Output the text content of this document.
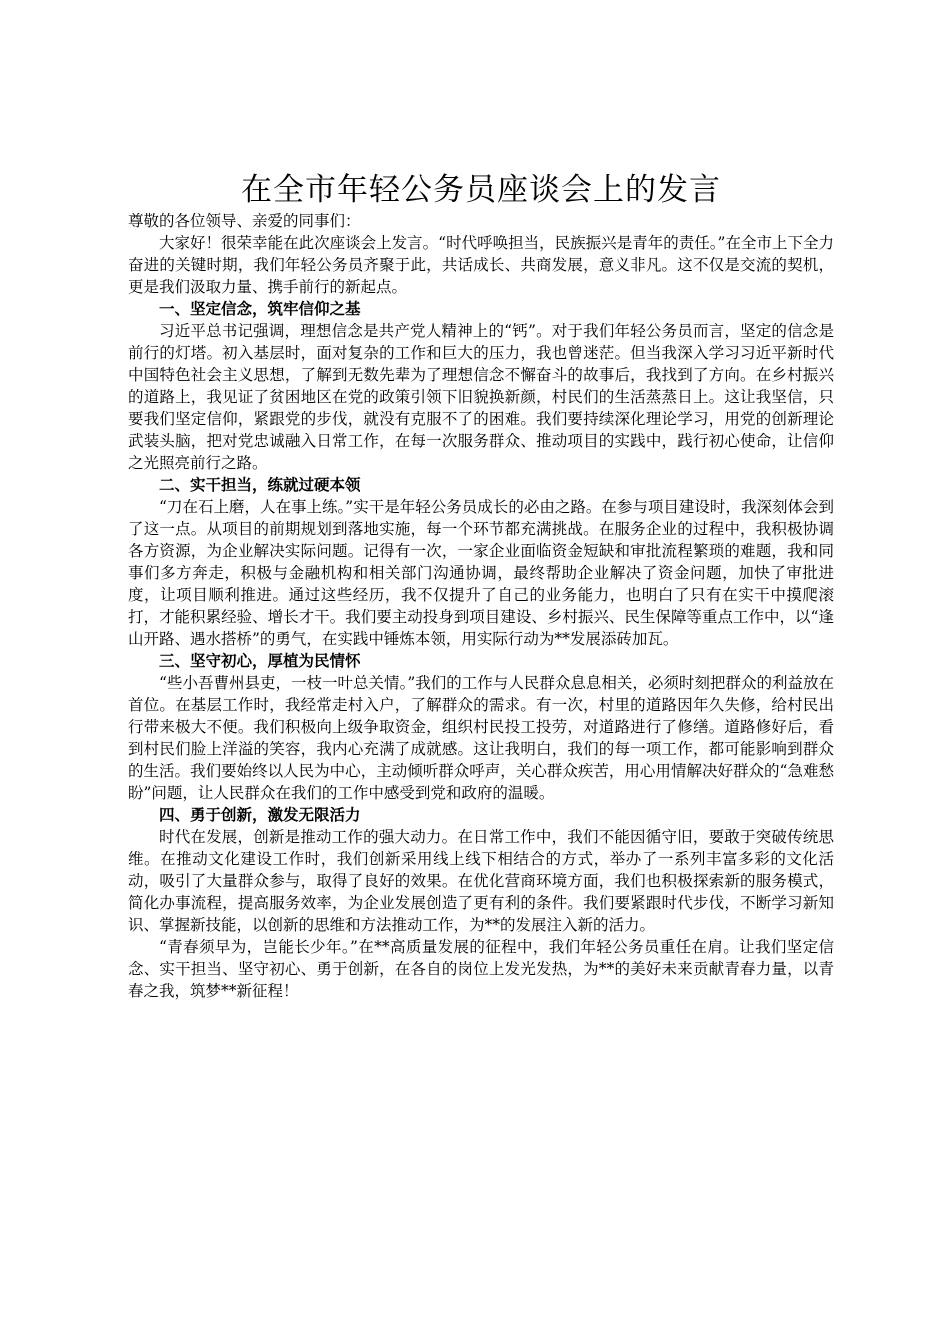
在全市年轻公务员座谈会上的发言

尊敬的各位领导、亲爱的同事们：

大家好！很荣幸能在此次座谈会上发言。“时代呼唤担当，民族振兴是青年的责任。”在全市上下全力奋进的关键时期，我们年轻公务员齐聚于此，共话成长、共商发展，意义非凡。这不仅是交流的契机，更是我们汲取力量、携手前行的新起点。

一、坚定信念，筑牢信仰之基

习近平总书记强调，理想信念是共产党人精神上的“钙”。对于我们年轻公务员而言，坚定的信念是前行的灯塔。初入基层时，面对复杂的工作和巨大的压力，我也曾迷茫。但当我深入学习习近平新时代中国特色社会主义思想，了解到无数先辈为了理想信念不懈奋斗的故事后，我找到了方向。在乡村振兴的道路上，我见证了贫困地区在党的政策引领下旧貌换新颜，村民们的生活蒸蒸日上。这让我坚信，只要我们坚定信仰，紧跟党的步伐，就没有克服不了的困难。我们要持续深化理论学习，用党的创新理论武装头脑，把对党忠诚融入日常工作，在每一次服务群众、推动项目的实践中，践行初心使命，让信仰之光照亮前行之路。

二、实干担当，练就过硬本领

“刀在石上磨，人在事上练。”实干是年轻公务员成长的必由之路。在参与项目建设时，我深刻体会到了这一点。从项目的前期规划到落地实施，每一个环节都充满挑战。在服务企业的过程中，我积极协调各方资源，为企业解决实际问题。记得有一次，一家企业面临资金短缺和审批流程繁琐的难题，我和同事们多方奔走，积极与金融机构和相关部门沟通协调，最终帮助企业解决了资金问题，加快了审批进度，让项目顺利推进。通过这些经历，我不仅提升了自己的业务能力，也明白了只有在实干中摸爬滚打，才能积累经验、增长才干。我们要主动投身到项目建设、乡村振兴、民生保障等重点工作中，以“逢山开路、遇水搭桥”的勇气，在实践中锤炼本领，用实际行动为**发展添砖加瓦。

三、坚守初心，厚植为民情怀

“些小吾曹州县吏，一枝一叶总关情。”我们的工作与人民群众息息相关，必须时刻把群众的利益放在首位。在基层工作时，我经常走村入户，了解群众的需求。有一次，村里的道路因年久失修，给村民出行带来极大不便。我们积极向上级争取资金，组织村民投工投劳，对道路进行了修缮。道路修好后，看到村民们脸上洋溢的笑容，我内心充满了成就感。这让我明白，我们的每一项工作，都可能影响到群众的生活。我们要始终以人民为中心，主动倾听群众呼声，关心群众疾苦，用心用情解决好群众的“急难愁盼”问题，让人民群众在我们的工作中感受到党和政府的温暖。

四、勇于创新，激发无限活力

时代在发展，创新是推动工作的强大动力。在日常工作中，我们不能因循守旧，要敢于突破传统思维。在推动文化建设工作时，我们创新采用线上线下相结合的方式，举办了一系列丰富多彩的文化活动，吸引了大量群众参与，取得了良好的效果。在优化营商环境方面，我们也积极探索新的服务模式，简化办事流程，提高服务效率，为企业发展创造了更有利的条件。我们要紧跟时代步伐，不断学习新知识、掌握新技能，以创新的思维和方法推动工作，为**的发展注入新的活力。

“青春须早为，岂能长少年。”在**高质量发展的征程中，我们年轻公务员重任在肩。让我们坚定信念、实干担当、坚守初心、勇于创新，在各自的岗位上发光发热，为**的美好未来贡献青春力量，以青春之我，筑梦**新征程！
